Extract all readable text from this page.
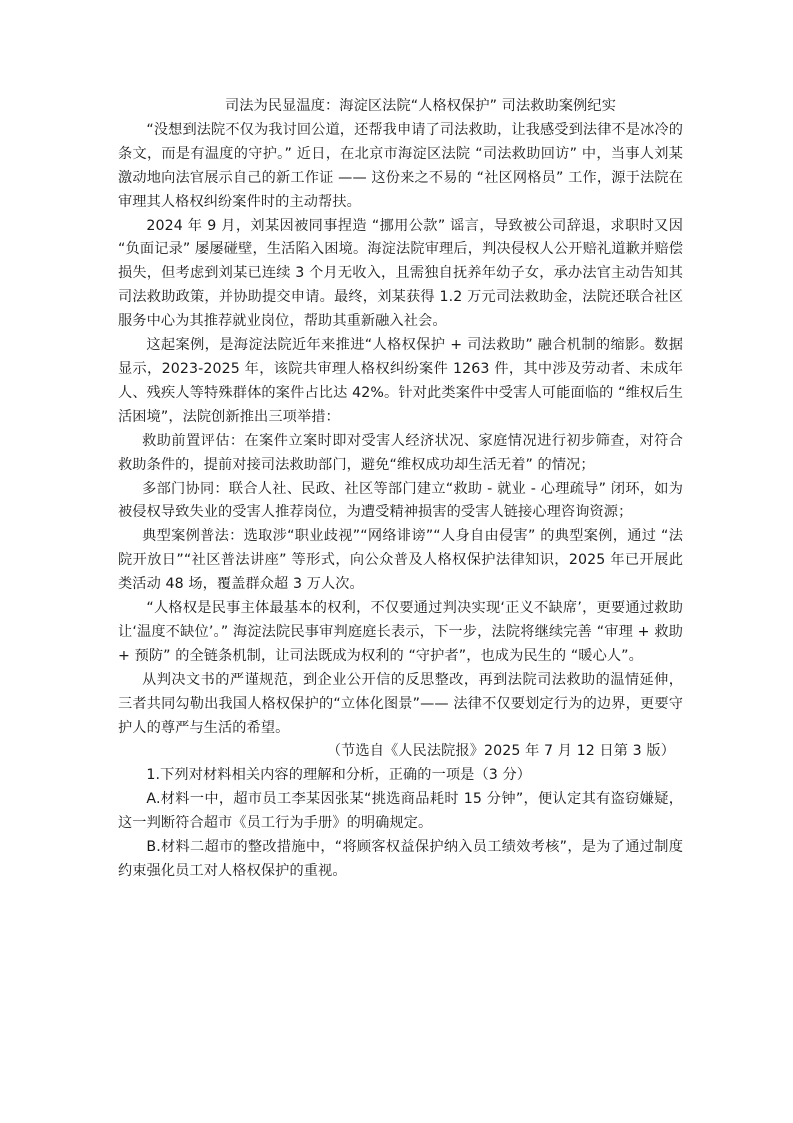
司法为民显温度：海淀区法院“人格权保护” 司法救助案例纪实

“没想到法院不仅为我讨回公道，还帮我申请了司法救助，让我感受到法律不是冰冷的条文，而是有温度的守护。” 近日，在北京市海淀区法院 “司法救助回访” 中，当事人刘某激动地向法官展示自己的新工作证 —— 这份来之不易的 “社区网格员” 工作，源于法院在审理其人格权纠纷案件时的主动帮扶。

2024 年 9 月，刘某因被同事捏造 “挪用公款” 谣言，导致被公司辞退，求职时又因 “负面记录” 屡屡碰壁，生活陷入困境。海淀法院审理后，判决侵权人公开赔礼道歉并赔偿损失，但考虑到刘某已连续 3 个月无收入，且需独自抚养年幼子女，承办法官主动告知其司法救助政策，并协助提交申请。最终，刘某获得 1.2 万元司法救助金，法院还联合社区服务中心为其推荐就业岗位，帮助其重新融入社会。

这起案例，是海淀法院近年来推进“人格权保护 + 司法救助” 融合机制的缩影。数据显示，2023-2025 年，该院共审理人格权纠纷案件 1263 件，其中涉及劳动者、未成年人、残疾人等特殊群体的案件占比达 42%。针对此类案件中受害人可能面临的 “维权后生活困境”，法院创新推出三项举措：

救助前置评估：在案件立案时即对受害人经济状况、家庭情况进行初步筛查，对符合救助条件的，提前对接司法救助部门，避免“维权成功却生活无着” 的情况；

多部门协同：联合人社、民政、社区等部门建立“救助 - 就业 - 心理疏导” 闭环，如为被侵权导致失业的受害人推荐岗位，为遭受精神损害的受害人链接心理咨询资源；

典型案例普法：选取涉“职业歧视”“网络诽谤”“人身自由侵害” 的典型案例，通过 “法院开放日”“社区普法讲座” 等形式，向公众普及人格权保护法律知识，2025 年已开展此类活动 48 场，覆盖群众超 3 万人次。

“人格权是民事主体最基本的权利，不仅要通过判决实现‘正义不缺席’，更要通过救助让‘温度不缺位’。” 海淀法院民事审判庭庭长表示，下一步，法院将继续完善 “审理 + 救助 + 预防” 的全链条机制，让司法既成为权利的 “守护者”，也成为民生的 “暖心人”。

从判决文书的严谨规范，到企业公开信的反思整改，再到法院司法救助的温情延伸，三者共同勾勒出我国人格权保护的“立体化图景”—— 法律不仅要划定行为的边界，更要守护人的尊严与生活的希望。

（节选自《人民法院报》2025 年 7 月 12 日第 3 版）
1.下列对材料相关内容的理解和分析，正确的一项是（3 分）
A.材料一中，超市员工李某因张某“挑选商品耗时 15 分钟”，便认定其有盗窃嫌疑，这一判断符合超市《员工行为手册》的明确规定。
B.材料二超市的整改措施中，“将顾客权益保护纳入员工绩效考核”，是为了通过制度约束强化员工对人格权保护的重视。
